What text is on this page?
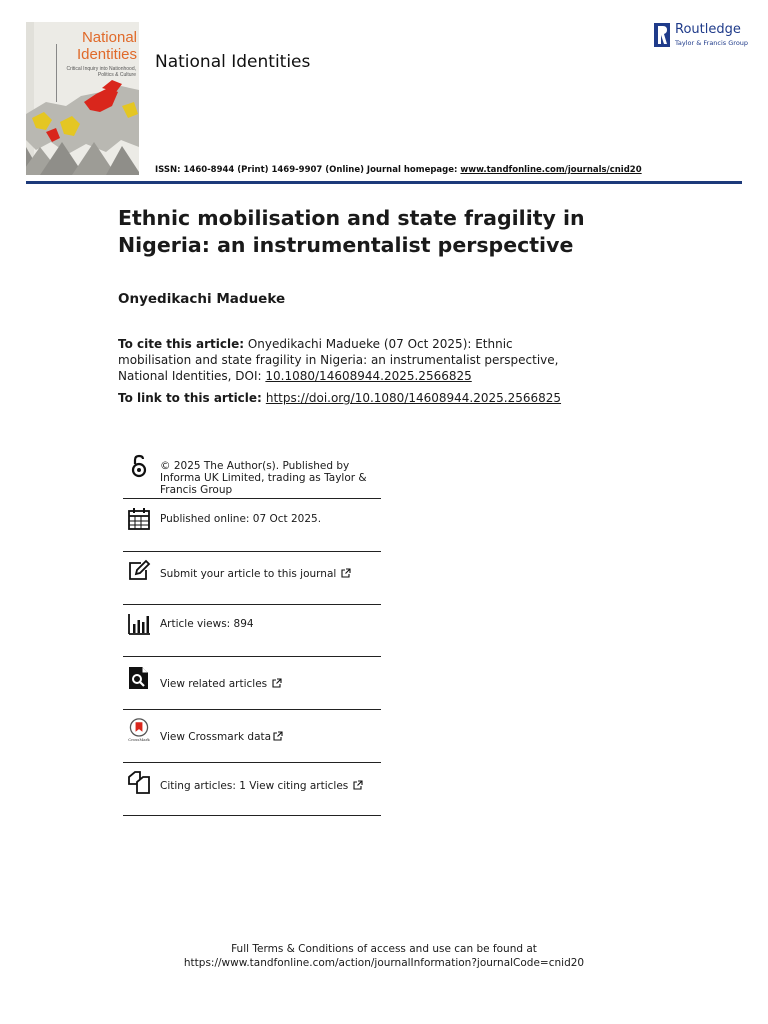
National Identities
Critical Inquiry into Nationhood, Politics & Culture
National Identities
Routledge
Taylor & Francis Group
ISSN: 1460-8944 (Print) 1469-9907 (Online) Journal homepage: www.tandfonline.com/journals/cnid20
Ethnic mobilisation and state fragility in Nigeria: an instrumentalist perspective
Onyedikachi Madueke
To cite this article: Onyedikachi Madueke (07 Oct 2025): Ethnic mobilisation and state fragility in Nigeria: an instrumentalist perspective, National Identities, DOI: 10.1080/14608944.2025.2566825
To link to this article: https://doi.org/10.1080/14608944.2025.2566825
© 2025 The Author(s). Published by Informa UK Limited, trading as Taylor & Francis Group
Published online: 07 Oct 2025.
Submit your article to this journal
Article views: 894
View related articles
CrossMark View Crossmark data
Citing articles: 1 View citing articles
Full Terms & Conditions of access and use can be found at
https://www.tandfonline.com/action/journalInformation?journalCode=cnid20
